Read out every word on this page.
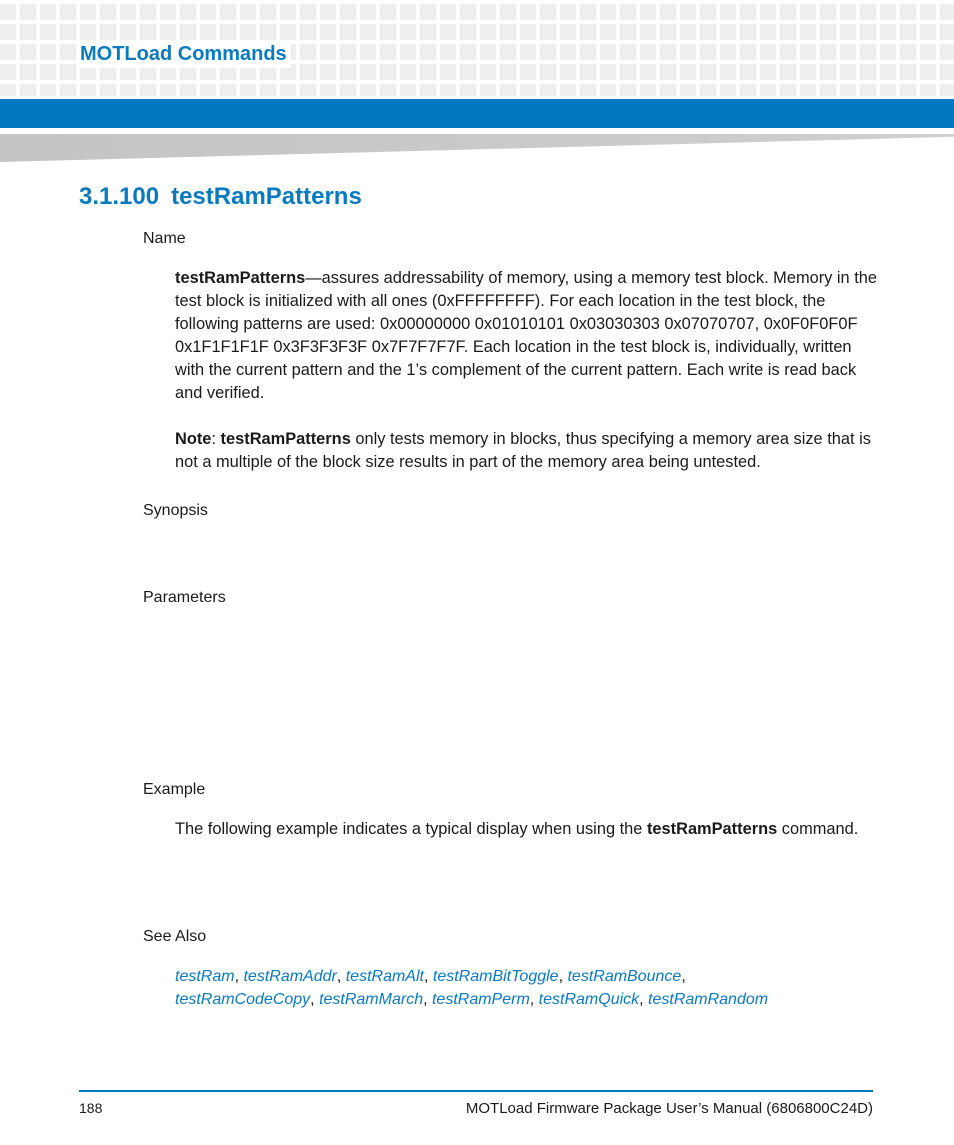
MOTLoad Commands
3.1.100 testRamPatterns
Name

testRamPatterns—assures addressability of memory, using a memory test block. Memory in the test block is initialized with all ones (0xFFFFFFFF). For each location in the test block, the following patterns are used: 0x00000000 0x01010101 0x03030303 0x07070707, 0x0F0F0F0F 0x1F1F1F1F 0x3F3F3F3F 0x7F7F7F7F. Each location in the test block is, individually, written with the current pattern and the 1’s complement of the current pattern. Each write is read back and verified.

Note: testRamPatterns only tests memory in blocks, thus specifying a memory area size that is not a multiple of the block size results in part of the memory area being untested.

Synopsis
Parameters
Example

The following example indicates a typical display when using the testRamPatterns command.

See Also

testRam, testRamAddr, testRamAlt, testRamBitToggle, testRamBounce,
testRamCodeCopy, testRamMarch, testRamPerm, testRamQuick, testRamRandom

188	MOTLoad Firmware Package User’s Manual (6806800C24D)
